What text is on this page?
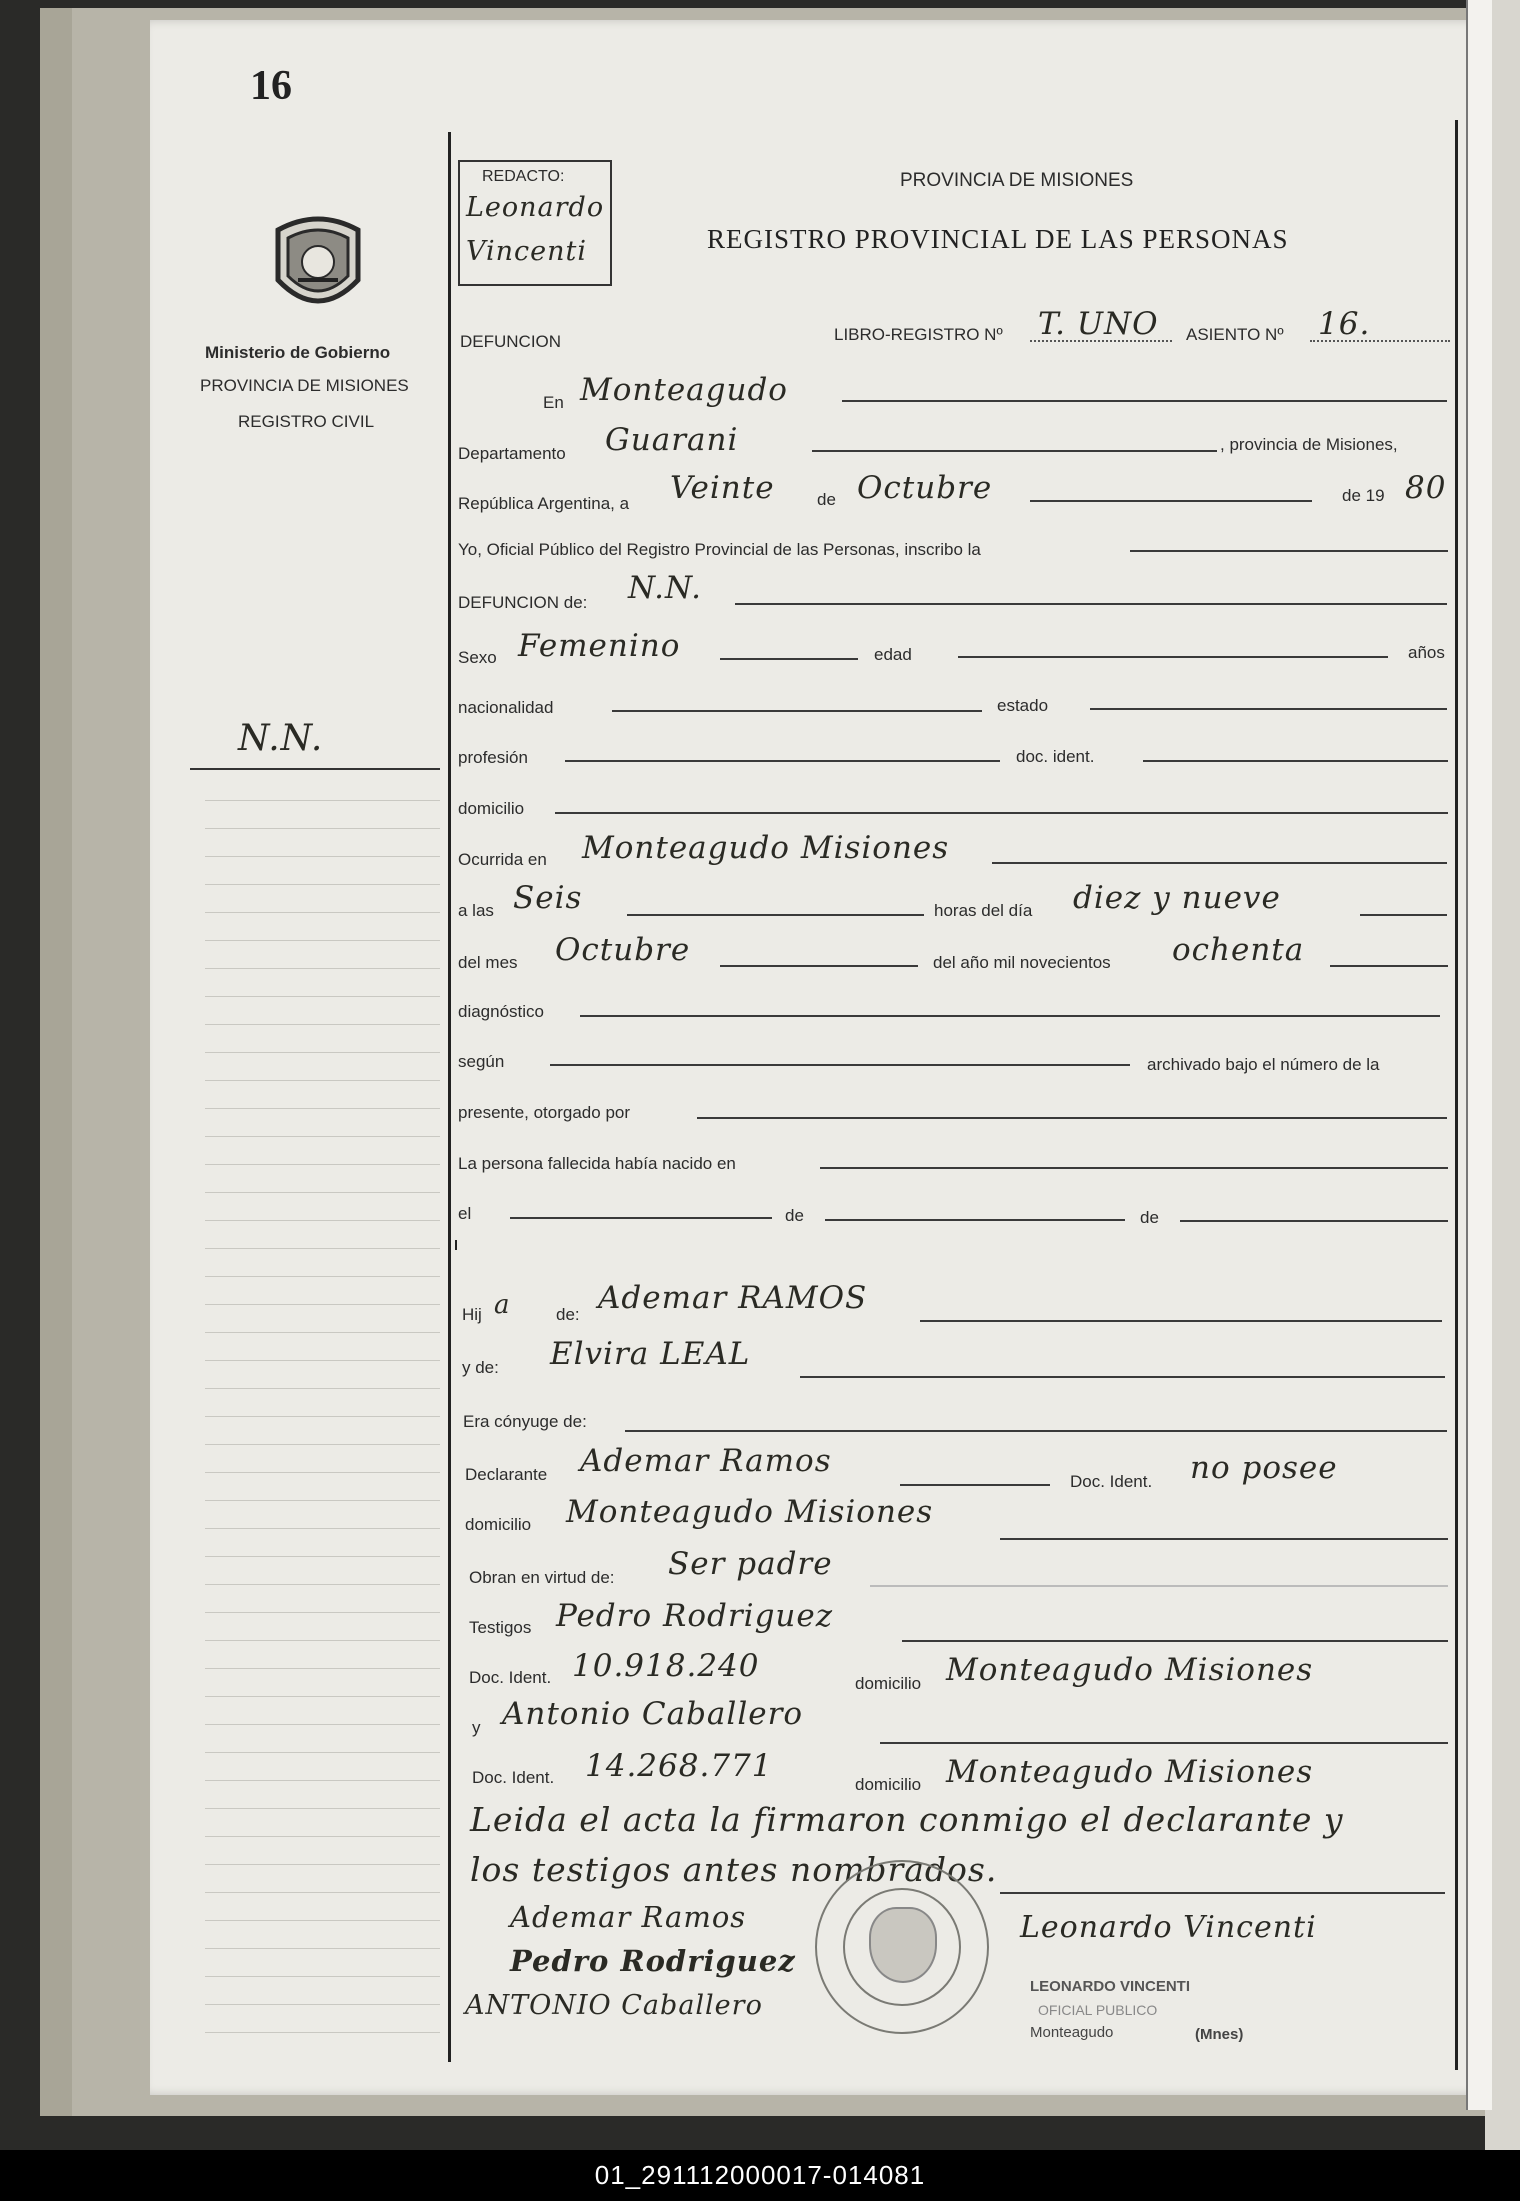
16
Ministerio de Gobierno
PROVINCIA DE MISIONES
REGISTRO CIVIL
N.N.
REDACTO:
Leonardo
Vincenti
PROVINCIA DE MISIONES
REGISTRO PROVINCIAL DE LAS PERSONAS
DEFUNCION	LIBRO-REGISTRO Nº T. UNO ASIENTO Nº 16.
En Monteagudo
Departamento Guarani	, provincia de Misiones,
República Argentina, a Veinte de Octubre	de 19 80
Yo, Oficial Público del Registro Provincial de las Personas, inscribo la
DEFUNCION de: N.N.
Sexo Femenino	edad	años
nacionalidad	estado
profesión	doc. ident.
domicilio
Ocurrida en Monteagudo Misiones
a las Seis	horas del día diez y nueve
del mes Octubre	del año mil novecientos ochenta
diagnóstico
según	archivado bajo el número de la
presente, otorgado por
La persona fallecida había nacido en
el	de	de
Hij a	de: Ademar RAMOS
y de: Elvira LEAL
Era cónyuge de:
Declarante Ademar Ramos
Doc. Ident. no posee
domicilio Monteagudo Misiones
Obran en virtud de: Ser padre
Testigos Pedro Rodriguez
Doc. Ident. 10.918.240	domicilio Monteagudo Misiones
y Antonio Caballero
Doc. Ident. 14.268.771
domicilio Monteagudo Misiones
Leida el acta la firmaron conmigo el declarante y
los testigos antes nombrados.
Ademar Ramos
Pedro Rodriguez
ANTONIO Caballero
Leonardo Vincenti
LEONARDO VINCENTI
OFICIAL PUBLICO
Monteagudo	(Mnes)
01_291112000017-014081
